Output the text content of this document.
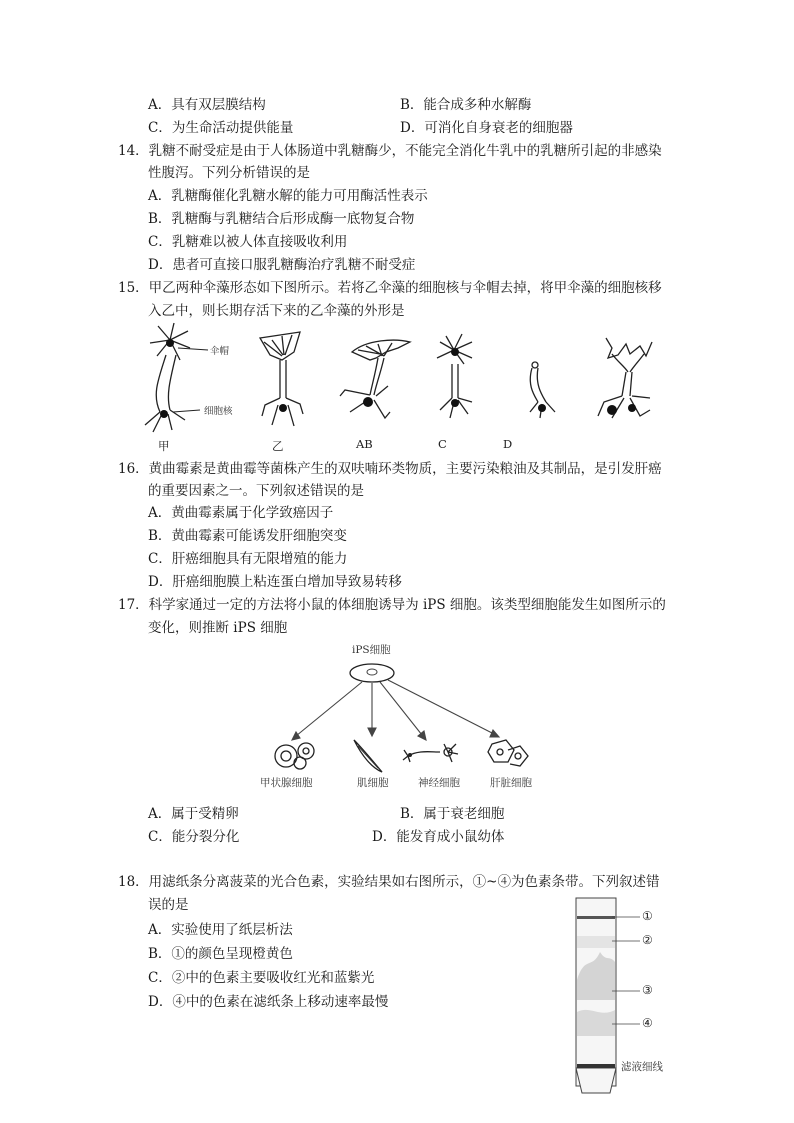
A．具有双层膜结构	B．能合成多种水解酶
C．为生命活动提供能量	D．可消化自身衰老的细胞器
14．乳糖不耐受症是由于人体肠道中乳糖酶少，不能完全消化牛乳中的乳糖所引起的非感染
性腹泻。下列分析错误的是
A．乳糖酶催化乳糖水解的能力可用酶活性表示
B．乳糖酶与乳糖结合后形成酶一底物复合物
C．乳糖难以被人体直接吸收利用
D．患者可直接口服乳糖酶治疗乳糖不耐受症
15．甲乙两种伞藻形态如下图所示。若将乙伞藻的细胞核与伞帽去掉，将甲伞藻的细胞核移
入乙中，则长期存活下来的乙伞藻的外形是
伞帽
细胞核
甲	乙	AB	C	D
16．黄曲霉素是黄曲霉等菌株产生的双呋喃环类物质，主要污染粮油及其制品，是引发肝癌
的重要因素之一。下列叙述错误的是
A．黄曲霉素属于化学致癌因子
B．黄曲霉素可能诱发肝细胞突变
C．肝癌细胞具有无限增殖的能力
D．肝癌细胞膜上粘连蛋白增加导致易转移
17．科学家通过一定的方法将小鼠的体细胞诱导为 iPS 细胞。该类型细胞能发生如图所示的
变化，则推断 iPS 细胞
iPS细胞
甲状腺细胞	肌细胞	神经细胞	肝脏细胞
A．属于受精卵	B．属于衰老细胞
C．能分裂分化	D．能发育成小鼠幼体
18．用滤纸条分离菠菜的光合色素，实验结果如右图所示，①~④为色素条带。下列叙述错
误的是
A．实验使用了纸层析法
B．①的颜色呈现橙黄色
C．②中的色素主要吸收红光和蓝紫光
D．④中的色素在滤纸条上移动速率最慢
①
②
③
④
滤液细线
